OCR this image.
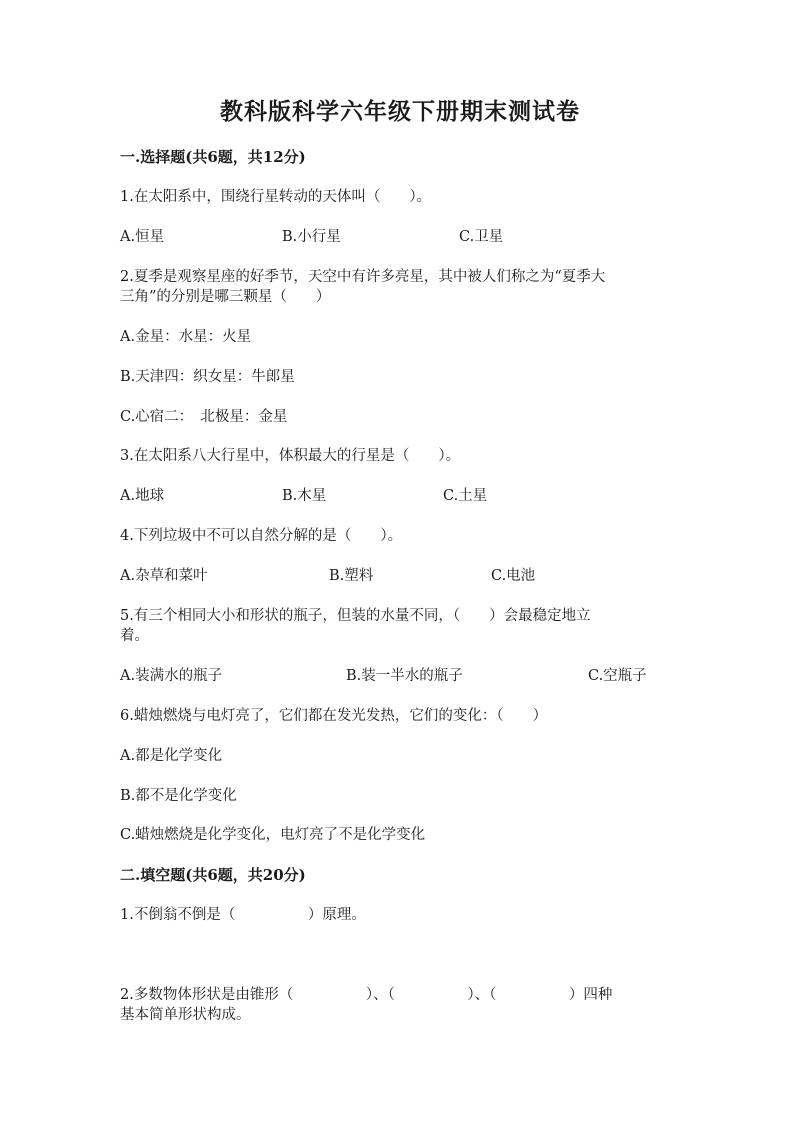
教科版科学六年级下册期末测试卷
一.选择题(共6题，共12分)
1.在太阳系中，围绕行星转动的天体叫（　　）。
A.恒星	B.小行星	C.卫星
2.夏季是观察星座的好季节，天空中有许多亮星，其中被人们称之为“夏季大
三角”的分别是哪三颗星（　　）
A.金星：水星：火星
B.天津四：织女星：牛郎星
C.心宿二：　北极星：金星
3.在太阳系八大行星中，体积最大的行星是（　　）。
A.地球	B.木星	C.土星
4.下列垃圾中不可以自然分解的是（　　）。
A.杂草和菜叶	B.塑料	C.电池
5.有三个相同大小和形状的瓶子，但装的水量不同，（　　）会最稳定地立
着。
A.装满水的瓶子	B.装一半水的瓶子	C.空瓶子
6.蜡烛燃烧与电灯亮了，它们都在发光发热，它们的变化：（　　）
A.都是化学变化
B.都不是化学变化
C.蜡烛燃烧是化学变化，电灯亮了不是化学变化
二.填空题(共6题，共20分)
1.不倒翁不倒是（　　　　　）原理。
2.多数物体形状是由锥形（　　　　　）、（　　　　　）、（　　　　　）四种
基本简单形状构成。
